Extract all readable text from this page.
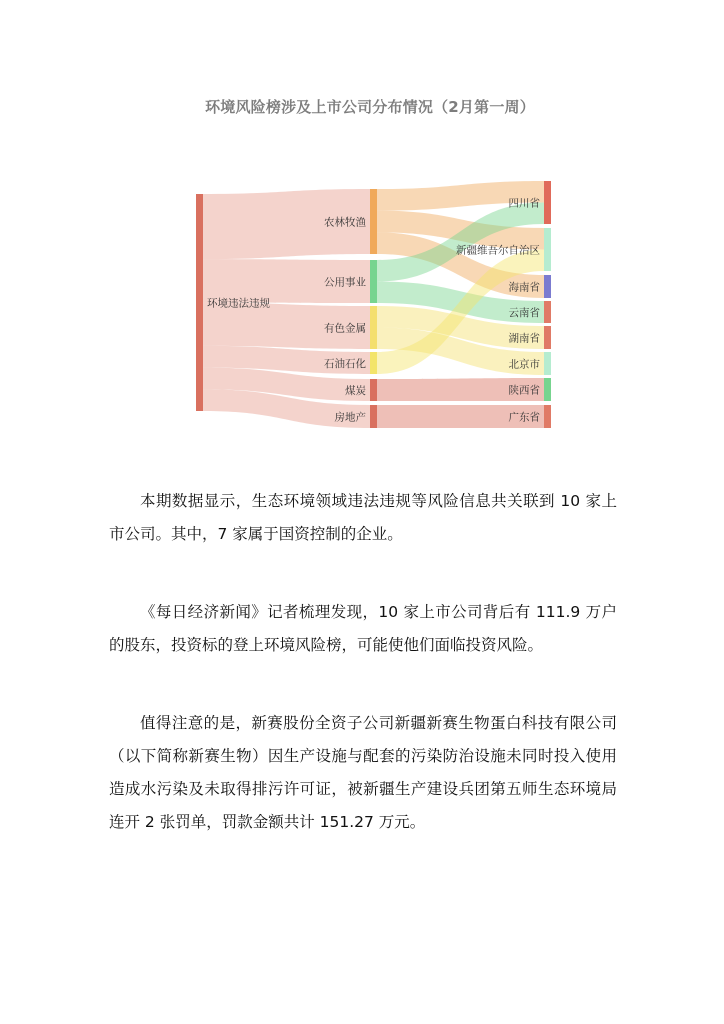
环境风险榜涉及上市公司分布情况（2月第一周）
环境违法违规
农林牧渔
公用事业
有色金属
石油石化
煤炭
房地产
四川省
新疆维吾尔自治区
海南省
云南省
湖南省
北京市
陕西省
广东省

本期数据显示，生态环境领域违法违规等风险信息共关联到 10 家上市公司。其中，7 家属于国资控制的企业。

《每日经济新闻》记者梳理发现，10 家上市公司背后有 111.9 万户的股东，投资标的登上环境风险榜，可能使他们面临投资风险。

值得注意的是，新赛股份全资子公司新疆新赛生物蛋白科技有限公司（以下简称新赛生物）因生产设施与配套的污染防治设施未同时投入使用造成水污染及未取得排污许可证，被新疆生产建设兵团第五师生态环境局连开 2 张罚单，罚款金额共计 151.27 万元。
